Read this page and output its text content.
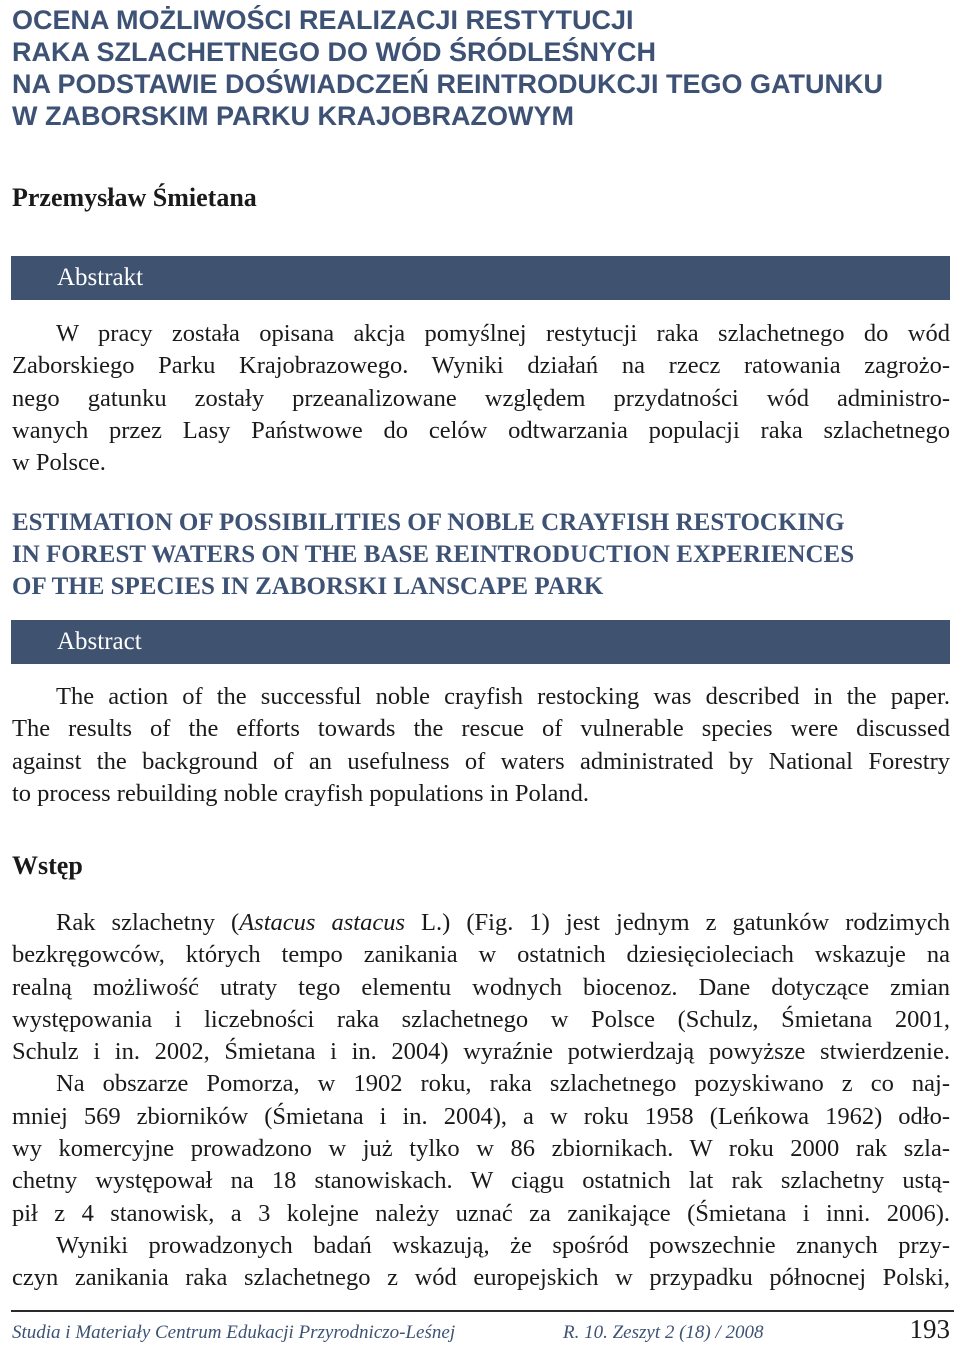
OCENA MOŻLIWOŚCI REALIZACJI RESTYTUCJI
RAKA SZLACHETNEGO DO WÓD ŚRÓDLEŚNYCH
NA PODSTAWIE DOŚWIADCZEŃ REINTRODUKCJI TEGO GATUNKU
W ZABORSKIM PARKU KRAJOBRAZOWYM
Przemysław Śmietana
Abstrakt
W pracy została opisana akcja pomyślnej restytucji raka szlachetnego do wód
Zaborskiego Parku Krajobrazowego. Wyniki działań na rzecz ratowania zagrożo-
nego gatunku zostały przeanalizowane względem przydatności wód administro-
wanych przez Lasy Państwowe do celów odtwarzania populacji raka szlachetnego
w Polsce.
ESTIMATION OF POSSIBILITIES OF NOBLE CRAYFISH RESTOCKING
IN FOREST WATERS ON THE BASE REINTRODUCTION EXPERIENCES
OF THE SPECIES IN ZABORSKI LANSCAPE PARK
Abstract
The action of the successful noble crayfish restocking was described in the paper.
The results of the efforts towards the rescue of vulnerable species were discussed
against the background of an usefulness of waters administrated by National Forestry
to process rebuilding noble crayfish populations in Poland.
Wstęp
Rak szlachetny (Astacus astacus L.) (Fig. 1) jest jednym z gatunków rodzimych
bezkręgowców, których tempo zanikania w ostatnich dziesięcioleciach wskazuje na
realną możliwość utraty tego elementu wodnych biocenoz. Dane dotyczące zmian
występowania i liczebności raka szlachetnego w Polsce (Schulz, Śmietana 2001,
Schulz i in. 2002, Śmietana i in. 2004) wyraźnie potwierdzają powyższe stwierdzenie.
Na obszarze Pomorza, w 1902 roku, raka szlachetnego pozyskiwano z co naj-
mniej 569 zbiorników (Śmietana i in. 2004), a w roku 1958 (Leńkowa 1962) odło-
wy komercyjne prowadzono w już tylko w 86 zbiornikach. W roku 2000 rak szla-
chetny występował na 18 stanowiskach. W ciągu ostatnich lat rak szlachetny ustą-
pił z 4 stanowisk, a 3 kolejne należy uznać za zanikające (Śmietana i inni. 2006).
Wyniki prowadzonych badań wskazują, że spośród powszechnie znanych przy-
czyn zanikania raka szlachetnego z wód europejskich w przypadku północnej Polski,
Studia i Materiały Centrum Edukacji Przyrodniczo-Leśnej	R. 10. Zeszyt 2 (18) / 2008	193
